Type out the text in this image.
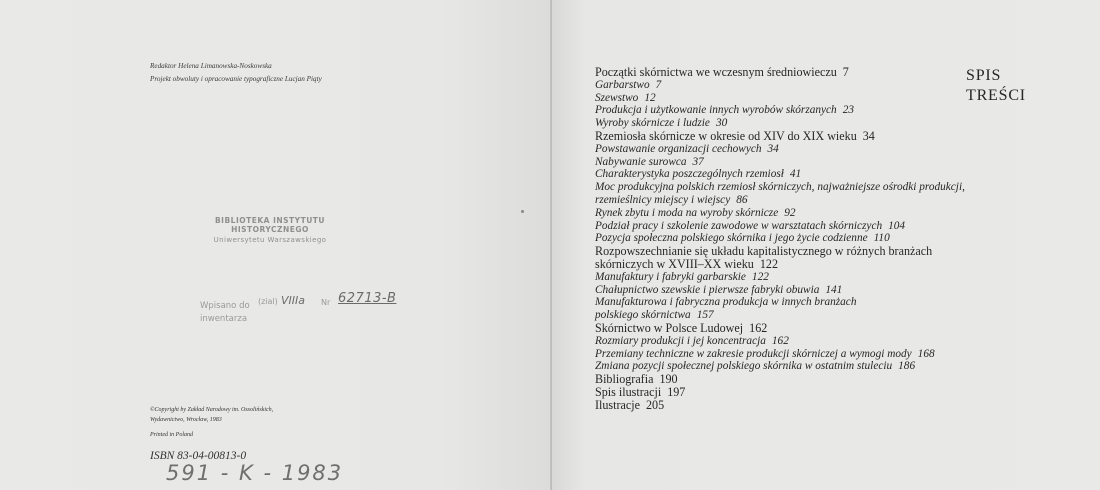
Redaktor Helena Limanowska-Noskowska
Projekt obwoluty i opracowanie typograficzne Lucjan Piąty
BIBLIOTEKA INSTYTUTU HISTORYCZNEGO
Uniwersytetu Warszawskiego
Wpisano do
inwentarza
(zial) VIIIa Nr 62713-B
©Copyright by Zakład Narodowy im. Ossolińskich,
Wydawnictwo, Wrocław, 1983
Printed in Poland
ISBN 83-04-00813-0
591 - K - 1983
Początki skórnictwa we wczesnym średniowieczu 7
Garbarstwo 7
Szewstwo 12
Produkcja i użytkowanie innych wyrobów skórzanych 23
Wyroby skórnicze i ludzie 30
Rzemiosła skórnicze w okresie od XIV do XIX wieku 34
Powstawanie organizacji cechowych 34
Nabywanie surowca 37
Charakterystyka poszczególnych rzemiosł 41
Moc produkcyjna polskich rzemiosł skórniczych, najważniejsze ośrodki produkcji,
rzemieślnicy miejscy i wiejscy 86
Rynek zbytu i moda na wyroby skórnicze 92
Podział pracy i szkolenie zawodowe w warsztatach skórniczych 104
Pozycja społeczna polskiego skórnika i jego życie codzienne 110
Rozpowszechnianie się układu kapitalistycznego w różnych branżach
skórniczych w XVIII–XX wieku 122
Manufaktury i fabryki garbarskie 122
Chałupnictwo szewskie i pierwsze fabryki obuwia 141
Manufakturowa i fabryczna produkcja w innych branżach
polskiego skórnictwa 157
Skórnictwo w Polsce Ludowej 162
Rozmiary produkcji i jej koncentracja 162
Przemiany techniczne w zakresie produkcji skórniczej a wymogi mody 168
Zmiana pozycji społecznej polskiego skórnika w ostatnim stuleciu 186
Bibliografia 190
Spis ilustracji 197
Ilustracje 205
SPIS
TREŚCI
